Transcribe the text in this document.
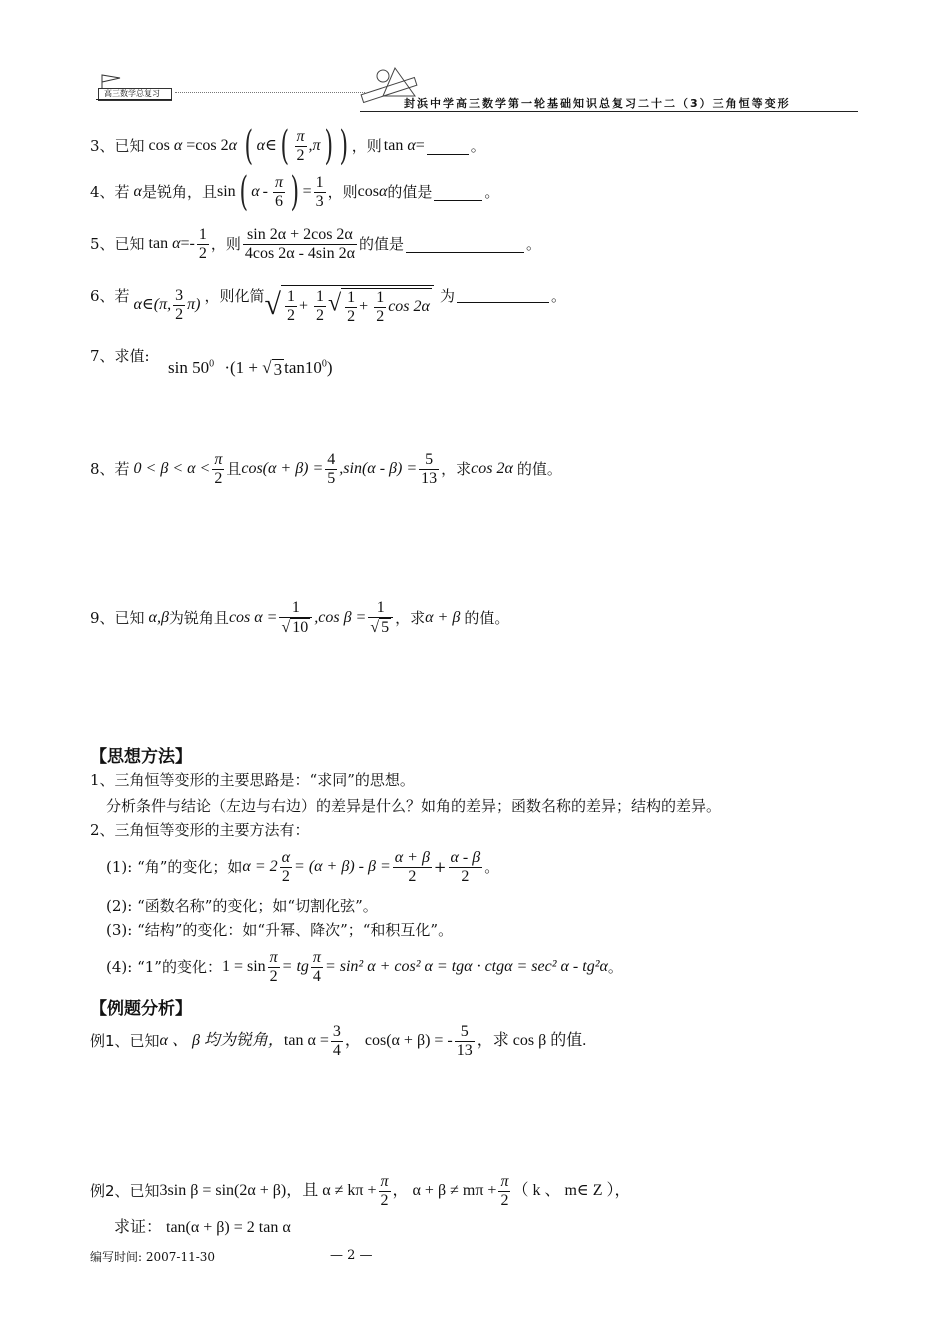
高三数学总复习
封浜中学高三数学第一轮基础知识总复习二十二（3）三角恒等变形
3、已知 cos α =cos 2 α ( α ∈ ( $\frac{\pi}{2}$ , π ) ) ，则 tan α =	。
4、若 α 是锐角，且 sin ( α - $\frac{\pi}{6}$ ) = $\frac{1}{3}$ ，则 cos α 的值是	。
5、已知 $\tan \alpha =- \frac{1}{2}$ ，则 $\frac{\sin 2\alpha + 2\cos 2\alpha}{4\cos 2\alpha - 4\sin 2\alpha}$ 的值是	。
6、若 α∈(π, $\frac{3}{2} \pi$) ，则化简 √ $\frac{1}{2} + \frac{1}{2}$ √ $\frac{1}{2} + \frac{1}{2}$ cos 2α
为	。
7、求值:
$\sin 50^0 \cdot(1$ + √ 3 $\tan 10^0$)
8、若 $0 < \beta < \alpha < \frac{\pi}{2}$ 且 $\cos(\alpha + \beta) = \frac{4}{5} ,\sin(\alpha - \beta) = \frac{5}{13}$ ，求 cos 2α 的值。
9、已知 α,β 为锐角且 $\cos \alpha = \frac{1}{√ 10} ,\cos$ $\beta = \frac{1}{√ 5}$ ，求 α + β 的值。
【思想方法】
1、三角恒等变形的主要思路是：“求同”的思想。
分析条件与结论（左边与右边）的差异是什么？如角的差异；函数名称的差异；结构的差异。
2、三角恒等变形的主要方法有：
(1): “角”的变化；如 $\alpha = 2 \frac{\alpha}{2} = (\alpha + \beta) - \beta = \frac{\alpha + \beta}{2} + \frac{\alpha - \beta}{2}$ 。
(2): “函数名称”的变化；如“切割化弦”。
(3): “结构”的变化：如“升幂、降次”；“和积互化”。
(4): “1”的变化： $1 = \sin \frac{\pi}{2}$ = tg $\frac{\pi}{4} = \sin^2$ α + cos² α = tgα · ctgα = sec² α - tg²α 。
【例题分析】
例1、已知 α 、 β 均为锐角， $\tan \alpha = \frac{3}{4}$ ， cos(α + β) = - $\frac{5}{13}$ ，求 cos β 的值.
例2、已知 3sin β = sin(2α + β)，且 $\alpha \ne k\pi + \frac{\pi}{2}$ ， $\alpha + \beta \ne m\pi + \frac{\pi}{2}$ （ k 、 m∈ Z ），
求证： tan(α + β) = 2 tan α
编写时间: 2007-11-30	— 2 —
